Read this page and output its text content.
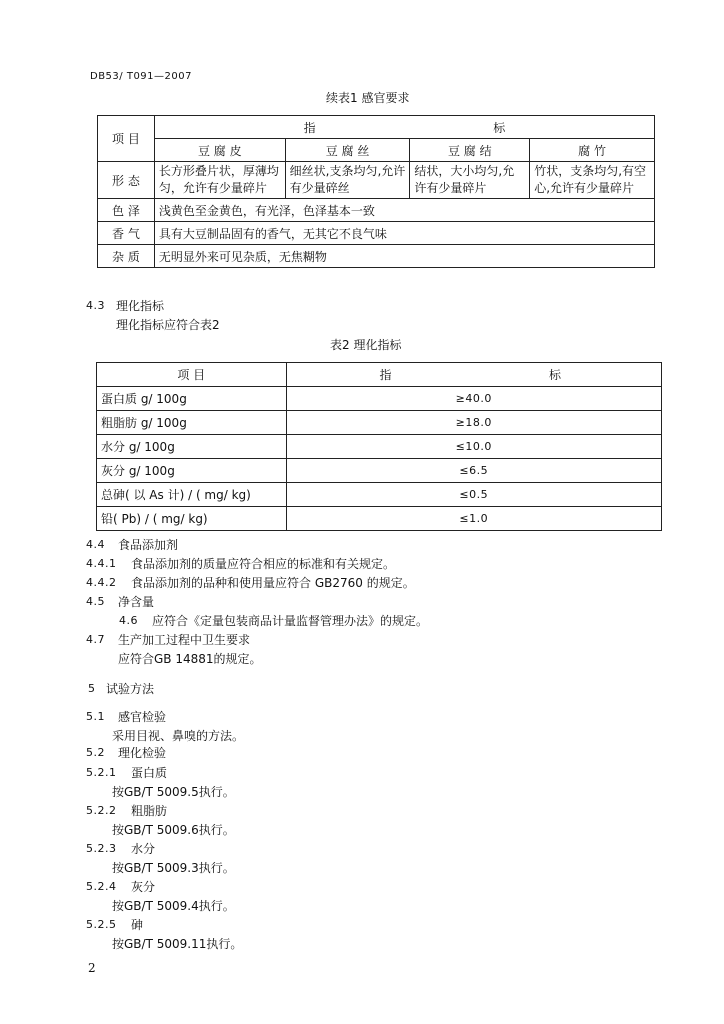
DB53/ T091—2007
续表1 感官要求
项 目	指 标			

	豆 腐 皮	豆 腐 丝	豆 腐 结	腐 竹
形 态	长方形叠片状，厚薄均匀，允许有少量碎片	细丝状,支条均匀,允许有少量碎丝	结状，大小均匀,允许有少量碎片	竹状，支条均匀,有空心,允许有少量碎片
色 泽	浅黄色至金黄色，有光泽，色泽基本一致			
香 气	具有大豆制品固有的香气，无其它不良气味			
杂 质	无明显外来可见杂质，无焦糊物			
4.3 理化指标
理化指标应符合表2
表2 理化指标
项 目	指 标

蛋白质 g/ 100g	≥40.0
粗脂肪 g/ 100g	≥18.0
水分 g/ 100g	≤10.0
灰分 g/ 100g	≤6.5
总砷( 以 As 计) / ( mg/ kg)	≤0.5
铅( Pb) / ( mg/ kg)	≤1.0
4.4 食品添加剂
4.4.1 食品添加剂的质量应符合相应的标准和有关规定。
4.4.2 食品添加剂的品种和使用量应符合 GB2760 的规定。
4.5 净含量
4.6 应符合《定量包装商品计量监督管理办法》的规定。
4.7 生产加工过程中卫生要求
应符合GB 14881的规定。
5 试验方法
5.1 感官检验
采用目视、鼻嗅的方法。
5.2 理化检验
5.2.1 蛋白质
按GB/T 5009.5执行。
5.2.2 粗脂肪
按GB/T 5009.6执行。
5.2.3 水分
按GB/T 5009.3执行。
5.2.4 灰分
按GB/T 5009.4执行。
5.2.5 砷
按GB/T 5009.11执行。
2
